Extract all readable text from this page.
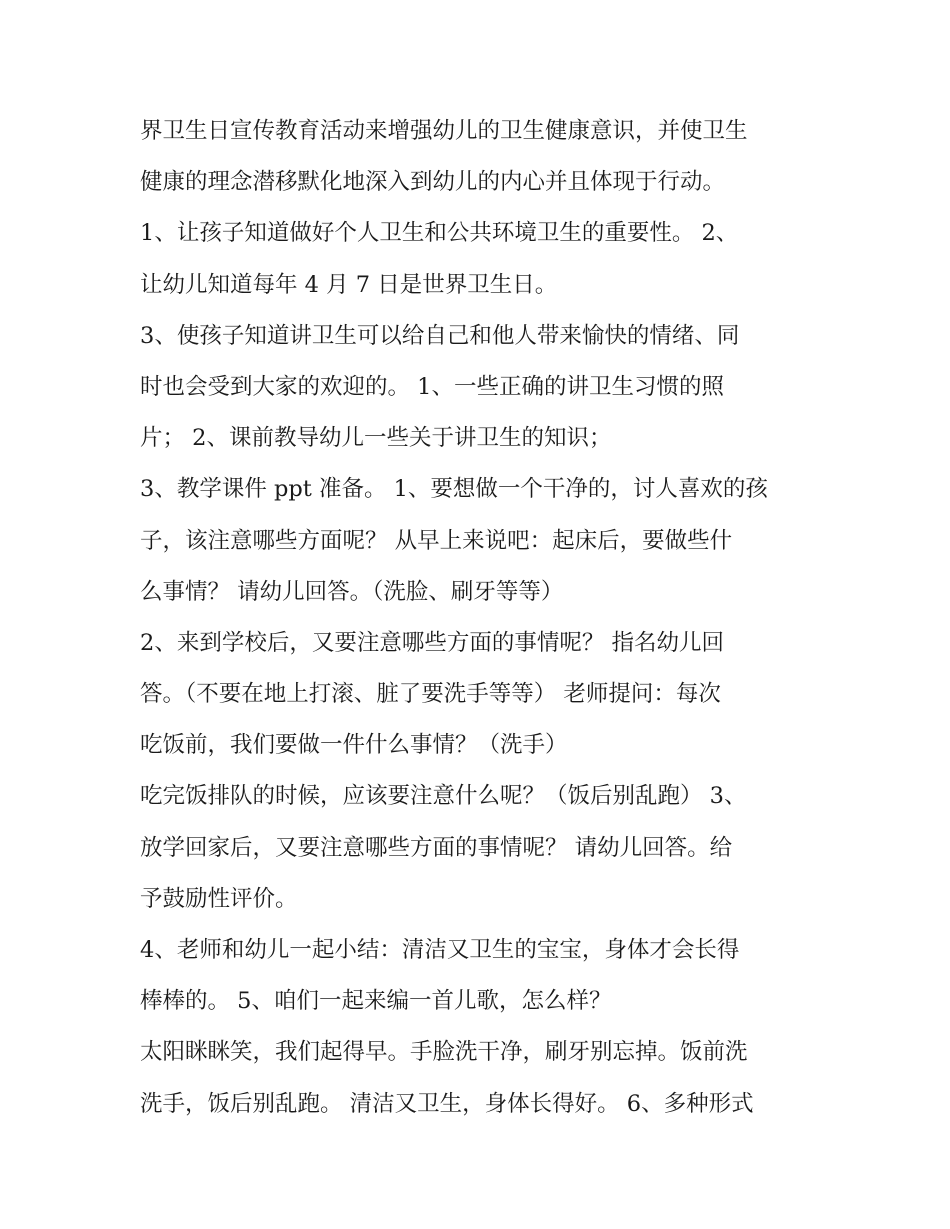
界卫生日宣传教育活动来增强幼儿的卫生健康意识，并使卫生
健康的理念潜移默化地深入到幼儿的内心并且体现于行动。
1、让孩子知道做好个人卫生和公共环境卫生的重要性。 2、
让幼儿知道每年 4 月 7 日是世界卫生日。
3、使孩子知道讲卫生可以给自己和他人带来愉快的情绪、同
时也会受到大家的欢迎的。 1、一些正确的讲卫生习惯的照
片； 2、课前教导幼儿一些关于讲卫生的知识；
3、教学课件 ppt 准备。 1、要想做一个干净的，讨人喜欢的孩
子，该注意哪些方面呢？ 从早上来说吧：起床后，要做些什
么事情？ 请幼儿回答。（洗脸、刷牙等等）
2、来到学校后，又要注意哪些方面的事情呢？ 指名幼儿回
答。（不要在地上打滚、脏了要洗手等等） 老师提问：每次
吃饭前，我们要做一件什么事情？（洗手）
吃完饭排队的时候，应该要注意什么呢？（饭后别乱跑） 3、
放学回家后，又要注意哪些方面的事情呢？ 请幼儿回答。给
予鼓励性评价。
4、老师和幼儿一起小结：清洁又卫生的宝宝，身体才会长得
棒棒的。 5、咱们一起来编一首儿歌，怎么样？
太阳眯眯笑，我们起得早。手脸洗干净，刷牙别忘掉。饭前洗
洗手，饭后别乱跑。 清洁又卫生，身体长得好。 6、多种形式
